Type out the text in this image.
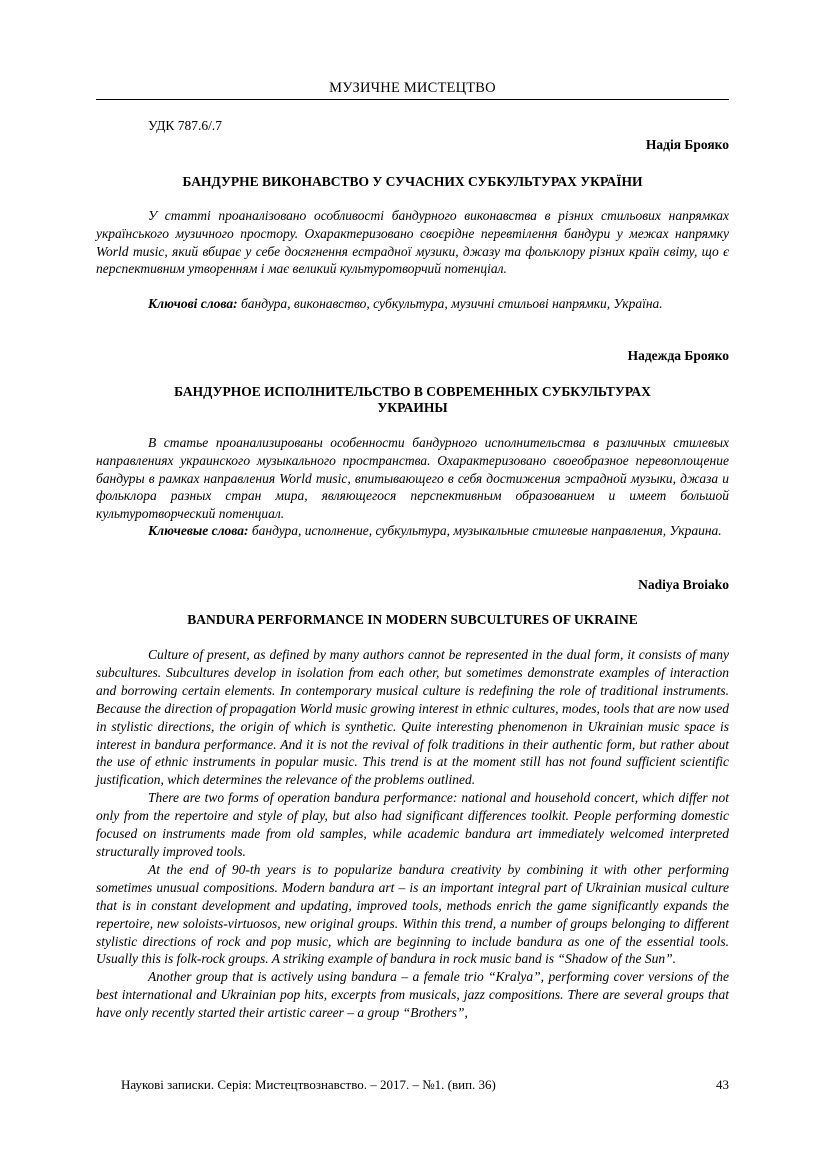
МУЗИЧНЕ МИСТЕЦТВО
УДК 787.6/.7
Надія Брояко
БАНДУРНЕ ВИКОНАВСТВО У СУЧАСНИХ СУБКУЛЬТУРАХ УКРАЇНИ

У статті проаналізовано особливості бандурного виконавства в різних стильових напрямках українського музичного простору. Охарактеризовано своєрідне перевтілення бандури у межах напрямку World music, який вбирає у себе досягнення естрадної музики, джазу та фольклору різних країн світу, що є перспективним утворенням і має великий культуротворчий потенціал.

Ключові слова: бандура, виконавство, субкультура, музичні стильові напрямки, Україна.

Надежда Брояко
БАНДУРНОЕ ИСПОЛНИТЕЛЬСТВО В СОВРЕМЕННЫХ СУБКУЛЬТУРАХ
УКРАИНЫ

В статье проанализированы особенности бандурного исполнительства в различных стилевых направлениях украинского музыкального пространства. Охарактеризовано своеобразное перевоплощение бандуры в рамках направления World music, впитывающего в себя достижения эстрадной музыки, джаза и фольклора разных стран мира, являющегося перспективным образованием и имеет большой культуротворческий потенциал.

Ключевые слова: бандура, исполнение, субкультура, музыкальные стилевые направления, Украина.

Nadiya Broiako
BANDURA PERFORMANCE IN MODERN SUBCULTURES OF UKRAINE

Culture of present, as defined by many authors cannot be represented in the dual form, it consists of many subcultures. Subcultures develop in isolation from each other, but sometimes demonstrate examples of interaction and borrowing certain elements. In contemporary musical culture is redefining the role of traditional instruments. Because the direction of propagation World music growing interest in ethnic cultures, modes, tools that are now used in stylistic directions, the origin of which is synthetic. Quite interesting phenomenon in Ukrainian music space is interest in bandura performance. And it is not the revival of folk traditions in their authentic form, but rather about the use of ethnic instruments in popular music. This trend is at the moment still has not found sufficient scientific justification, which determines the relevance of the problems outlined.

There are two forms of operation bandura performance: national and household concert, which differ not only from the repertoire and style of play, but also had significant differences toolkit. People performing domestic focused on instruments made from old samples, while academic bandura art immediately welcomed interpreted structurally improved tools.

At the end of 90-th years is to popularize bandura creativity by combining it with other performing sometimes unusual compositions. Modern bandura art – is an important integral part of Ukrainian musical culture that is in constant development and updating, improved tools, methods enrich the game significantly expands the repertoire, new soloists-virtuosos, new original groups. Within this trend, a number of groups belonging to different stylistic directions of rock and pop music, which are beginning to include bandura as one of the essential tools. Usually this is folk-rock groups. A striking example of bandura in rock music band is “Shadow of the Sun”.

Another group that is actively using bandura – a female trio “Kralya”, performing cover versions of the best international and Ukrainian pop hits, excerpts from musicals, jazz compositions. There are several groups that have only recently started their artistic career – a group “Brothers”,

Наукові записки. Серія: Мистецтвознавство. – 2017. – №1. (вип. 36)	43
